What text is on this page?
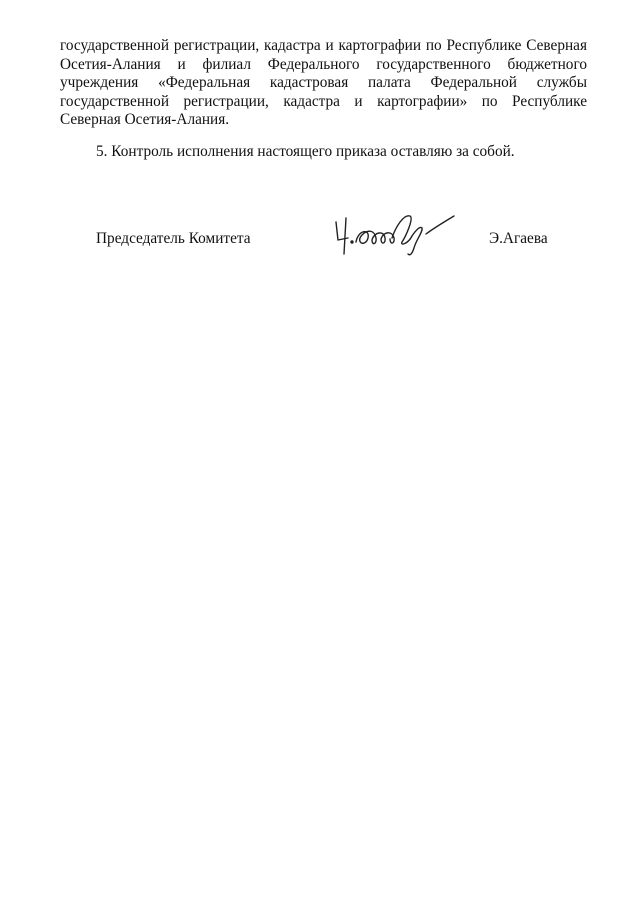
государственной регистрации, кадастра и картографии по Республике Северная Осетия-Алания и филиал Федерального государственного бюджетного учреждения «Федеральная кадастровая палата Федеральной службы государственной регистрации, кадастра и картографии» по Республике Северная Осетия-Алания.

5. Контроль исполнения настоящего приказа оставляю за собой.

Председатель Комитета	Э.Агаева
